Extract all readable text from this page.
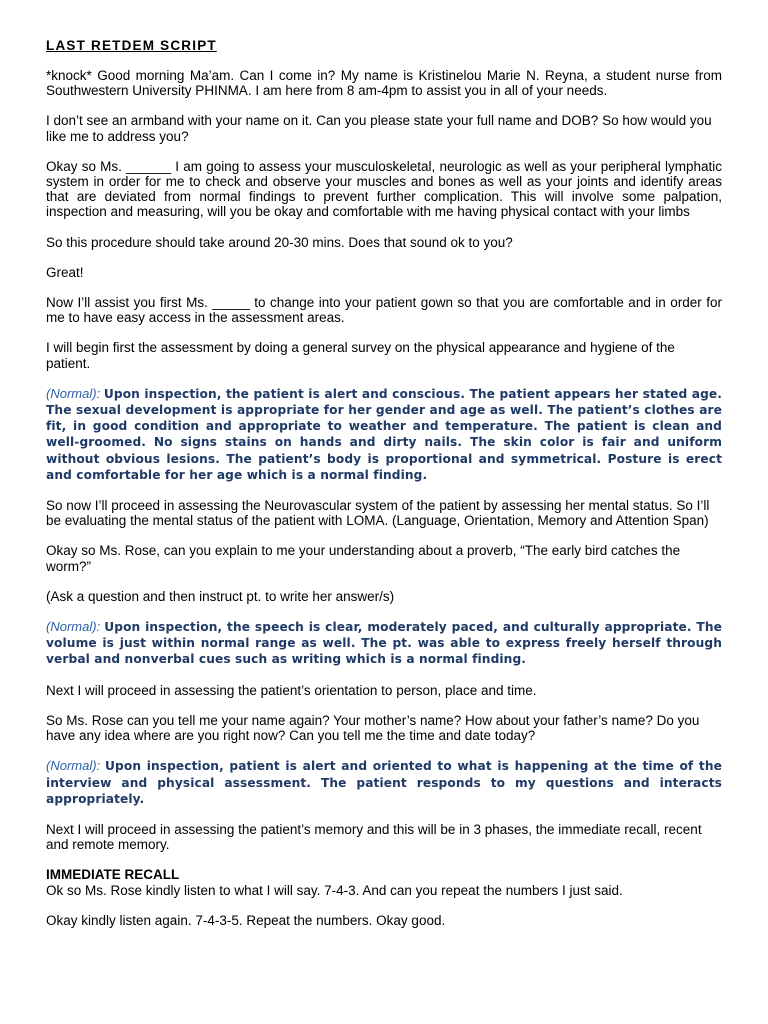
LAST RETDEM SCRIPT

*knock* Good morning Ma’am. Can I come in? My name is Kristinelou Marie N. Reyna, a student nurse from Southwestern University PHINMA. I am here from 8 am-4pm to assist you in all of your needs.

I don’t see an armband with your name on it. Can you please state your full name and DOB? So how would you like me to address you?

Okay so Ms. ______ I am going to assess your musculoskeletal, neurologic as well as your peripheral lymphatic system in order for me to check and observe your muscles and bones as well as your joints and identify areas that are deviated from normal findings to prevent further complication. This will involve some palpation, inspection and measuring, will you be okay and comfortable with me having physical contact with your limbs

So this procedure should take around 20-30 mins. Does that sound ok to you?

Great!

Now I’ll assist you first Ms. _____ to change into your patient gown so that you are comfortable and in order for me to have easy access in the assessment areas.

I will begin first the assessment by doing a general survey on the physical appearance and hygiene of the patient.

(Normal): Upon inspection, the patient is alert and conscious. The patient appears her stated age. The sexual development is appropriate for her gender and age as well. The patient’s clothes are fit, in good condition and appropriate to weather and temperature. The patient is clean and well-groomed. No signs stains on hands and dirty nails. The skin color is fair and uniform without obvious lesions. The patient’s body is proportional and symmetrical. Posture is erect and comfortable for her age which is a normal finding.

So now I’ll proceed in assessing the Neurovascular system of the patient by assessing her mental status. So I’ll be evaluating the mental status of the patient with LOMA. (Language, Orientation, Memory and Attention Span)

Okay so Ms. Rose, can you explain to me your understanding about a proverb, “The early bird catches the worm?”

(Ask a question and then instruct pt. to write her answer/s)

(Normal): Upon inspection, the speech is clear, moderately paced, and culturally appropriate. The volume is just within normal range as well. The pt. was able to express freely herself through verbal and nonverbal cues such as writing which is a normal finding.

Next I will proceed in assessing the patient’s orientation to person, place and time.

So Ms. Rose can you tell me your name again? Your mother’s name? How about your father’s name? Do you have any idea where are you right now? Can you tell me the time and date today?

(Normal): Upon inspection, patient is alert and oriented to what is happening at the time of the interview and physical assessment. The patient responds to my questions and interacts appropriately.

Next I will proceed in assessing the patient’s memory and this will be in 3 phases, the immediate recall, recent and remote memory.

IMMEDIATE RECALL

Ok so Ms. Rose kindly listen to what I will say. 7-4-3. And can you repeat the numbers I just said.

Okay kindly listen again. 7-4-3-5. Repeat the numbers. Okay good.
